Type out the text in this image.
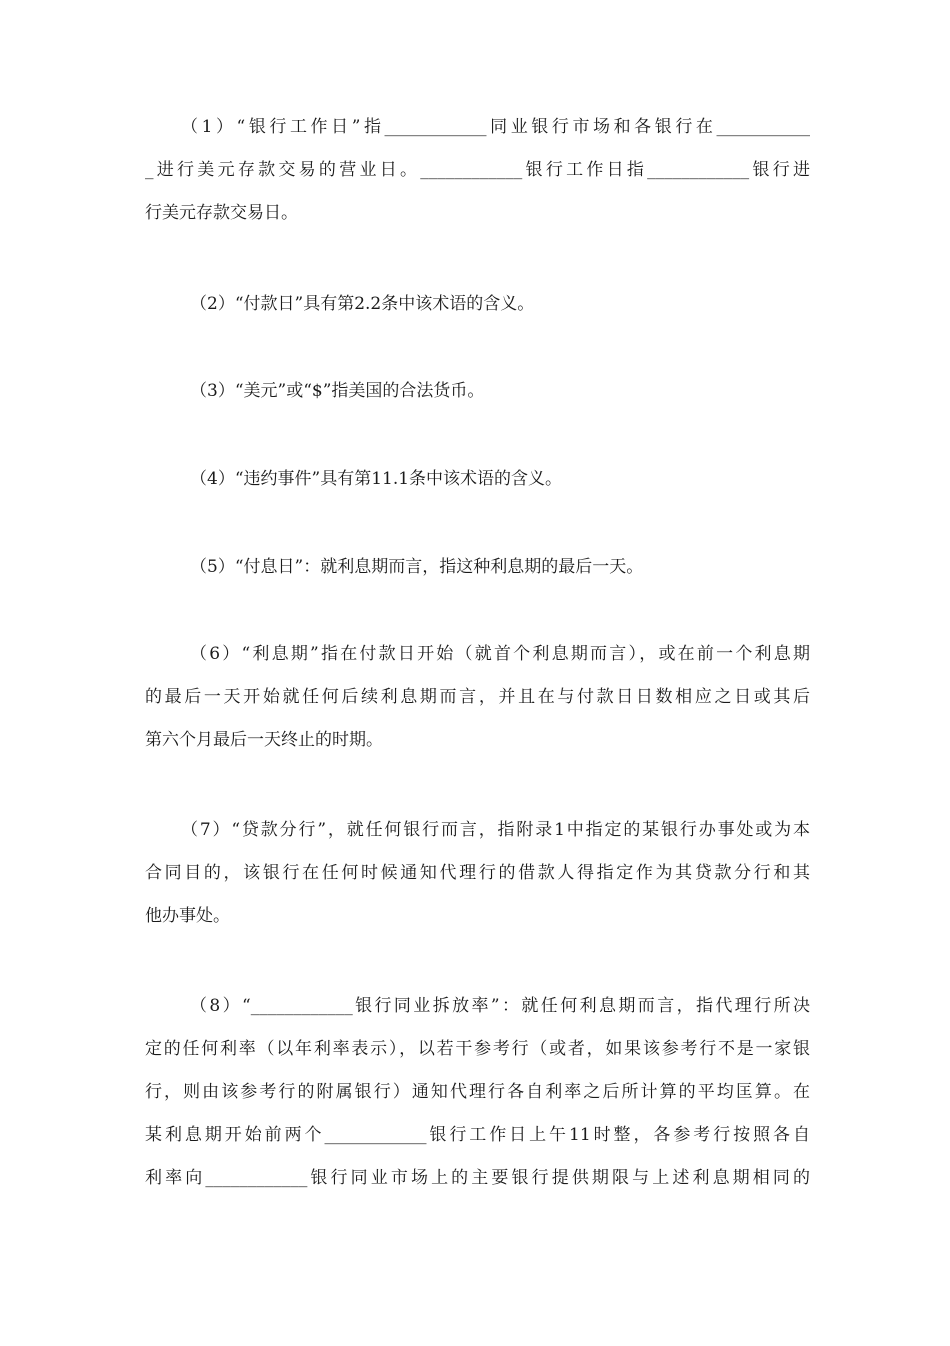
（1）“银行工作日”指____________同业银行市场和各银行在___________
_进行美元存款交易的营业日。____________银行工作日指____________银行进
行美元存款交易日。
（2）“付款日”具有第2.2条中该术语的含义。
（3）“美元”或“$”指美国的合法货币。
（4）“违约事件”具有第11.1条中该术语的含义。
（5）“付息日”：就利息期而言，指这种利息期的最后一天。
（6）“利息期”指在付款日开始（就首个利息期而言），或在前一个利息期
的最后一天开始就任何后续利息期而言，并且在与付款日日数相应之日或其后
第六个月最后一天终止的时期。
（7）“贷款分行”，就任何银行而言，指附录1中指定的某银行办事处或为本
合同目的，该银行在任何时候通知代理行的借款人得指定作为其贷款分行和其
他办事处。
（8）“____________银行同业拆放率”：就任何利息期而言，指代理行所决
定的任何利率（以年利率表示），以若干参考行（或者，如果该参考行不是一家银
行，则由该参考行的附属银行）通知代理行各自利率之后所计算的平均匡算。在
某利息期开始前两个____________银行工作日上午11时整，各参考行按照各自
利率向____________银行同业市场上的主要银行提供期限与上述利息期相同的
